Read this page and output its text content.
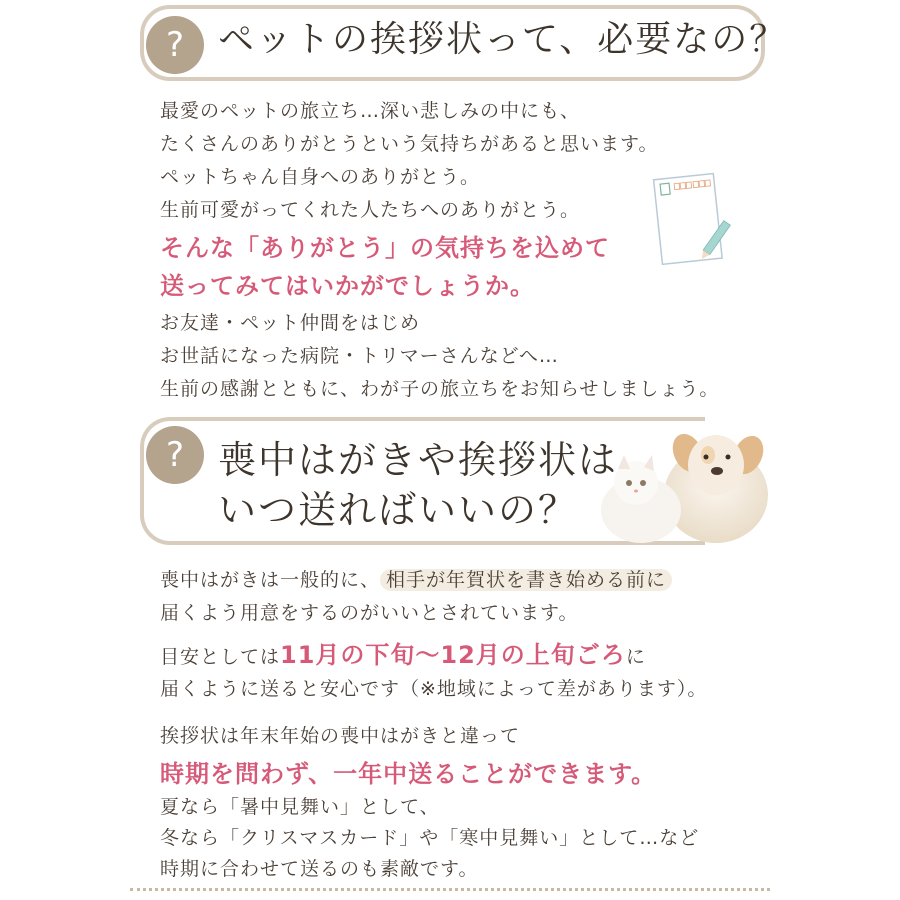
? ペットの挨拶状って、必要なの？
最愛のペットの旅立ち…深い悲しみの中にも、
たくさんのありがとうという気持ちがあると思います。
ペットちゃん自身へのありがとう。
生前可愛がってくれた人たちへのありがとう。
そんな「ありがとう」の気持ちを込めて
送ってみてはいかがでしょうか。
お友達・ペット仲間をはじめ
お世話になった病院・トリマーさんなどへ…
生前の感謝とともに、わが子の旅立ちをお知らせしましょう。
? 喪中はがきや挨拶状は
いつ送ればいいの？
喪中はがきは一般的に、 相手が年賀状を書き始める前に
届くよう用意をするのがいいとされています。
目安としては11月の下旬～12月の上旬ごろに
届くように送ると安心です（※地域によって差があります）。
挨拶状は年末年始の喪中はがきと違って
時期を問わず、一年中送ることができます。
夏なら「暑中見舞い」として、
冬なら「クリスマスカード」や「寒中見舞い」として…など
時期に合わせて送るのも素敵です。
